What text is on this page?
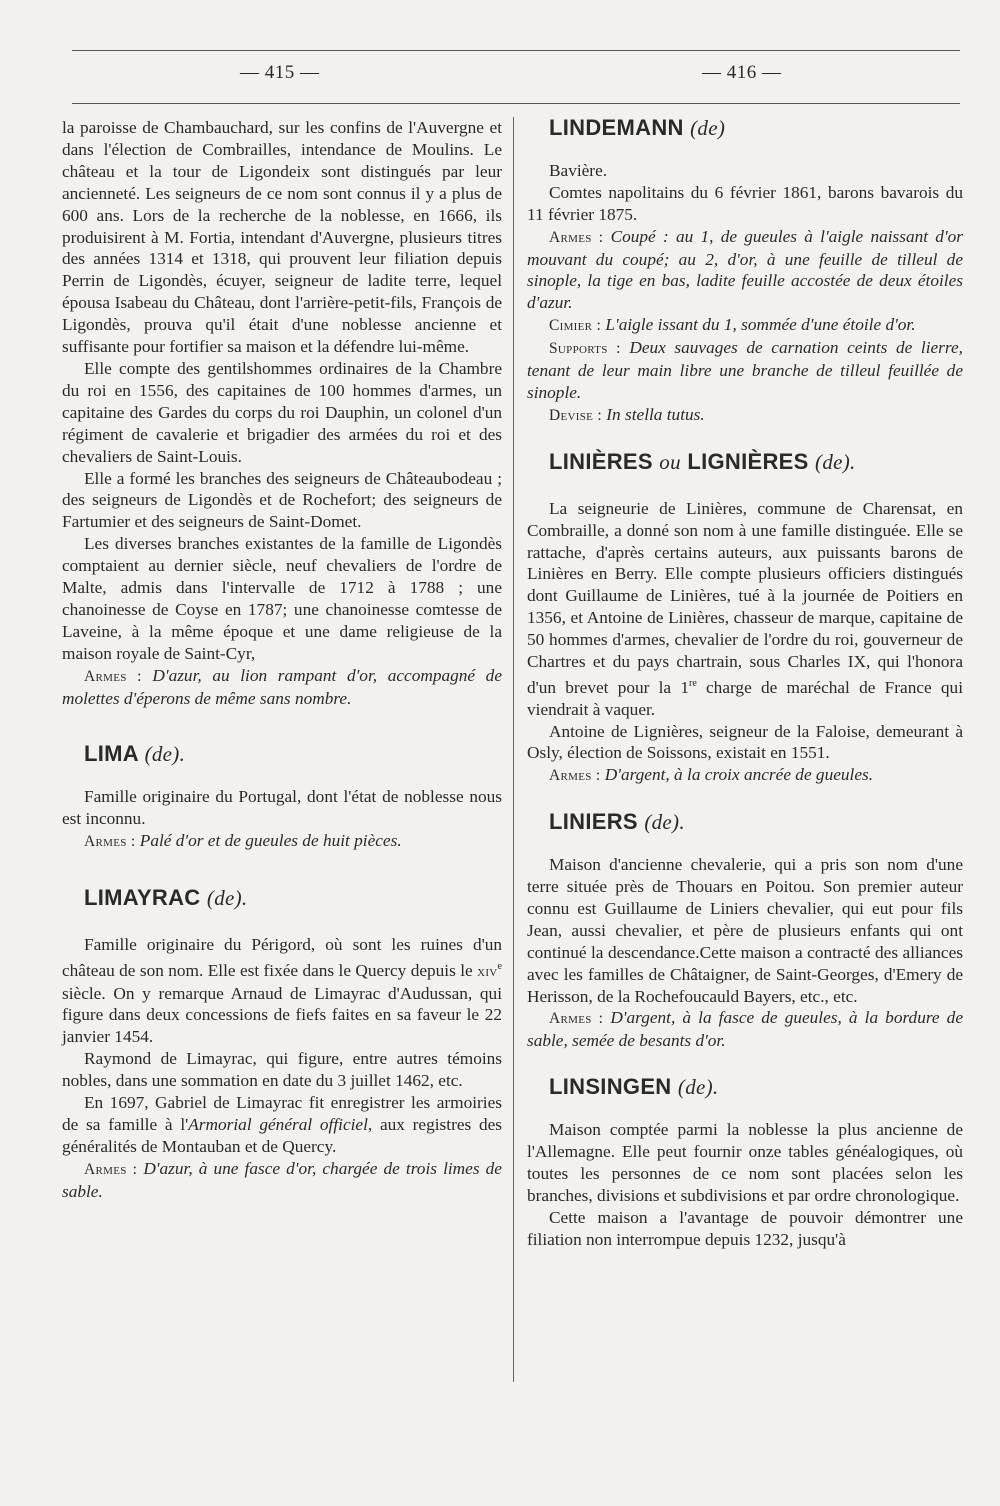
— 415 —	— 416 —

la paroisse de Chambauchard, sur les confins de l'Auvergne et dans l'élection de Combrailles, intendance de Moulins. Le château et la tour de Ligondeix sont distingués par leur ancienneté. Les seigneurs de ce nom sont connus il y a plus de 600 ans. Lors de la recherche de la noblesse, en 1666, ils produisirent à M. Fortia, intendant d'Auvergne, plusieurs titres des années 1314 et 1318, qui prouvent leur filiation depuis Perrin de Ligondès, écuyer, seigneur de ladite terre, lequel épousa Isabeau du Château, dont l'arrière-petit-fils, François de Ligondès, prouva qu'il était d'une noblesse ancienne et suffisante pour fortifier sa maison et la défendre lui-même.

Elle compte des gentilshommes ordinaires de la Chambre du roi en 1556, des capitaines de 100 hommes d'armes, un capitaine des Gardes du corps du roi Dauphin, un colonel d'un régiment de cavalerie et brigadier des armées du roi et des chevaliers de Saint-Louis.

Elle a formé les branches des seigneurs de Châteaubodeau ; des seigneurs de Ligondès et de Rochefort; des seigneurs de Fartumier et des seigneurs de Saint-Domet.

Les diverses branches existantes de la famille de Ligondès comptaient au dernier siècle, neuf chevaliers de l'ordre de Malte, admis dans l'intervalle de 1712 à 1788 ; une chanoinesse de Coyse en 1787; une chanoinesse comtesse de Laveine, à la même époque et une dame religieuse de la maison royale de Saint-Cyr,

Armes : D'azur, au lion rampant d'or, accompagné de molettes d'éperons de même sans nombre.

LIMA (de).

Famille originaire du Portugal, dont l'état de noblesse nous est inconnu.

Armes : Palé d'or et de gueules de huit pièces.

LIMAYRAC (de).

Famille originaire du Périgord, où sont les ruines d'un château de son nom. Elle est fixée dans le Quercy depuis le xiv$^e$ siècle. On y remarque Arnaud de Limayrac d'Audussan, qui figure dans deux concessions de fiefs faites en sa faveur le 22 janvier 1454.

Raymond de Limayrac, qui figure, entre autres témoins nobles, dans une sommation en date du 3 juillet 1462, etc.

En 1697, Gabriel de Limayrac fit enregistrer les armoiries de sa famille à l'Armorial général officiel, aux registres des généralités de Montauban et de Quercy.

Armes : D'azur, à une fasce d'or, chargée de trois limes de sable.

LINDEMANN (de)

Bavière.

Comtes napolitains du 6 février 1861, barons bavarois du 11 février 1875.

Armes : Coupé : au 1, de gueules à l'aigle naissant d'or mouvant du coupé; au 2, d'or, à une feuille de tilleul de sinople, la tige en bas, ladite feuille accostée de deux étoiles d'azur.

Cimier : L'aigle issant du 1, sommée d'une étoile d'or.

Supports : Deux sauvages de carnation ceints de lierre, tenant de leur main libre une branche de tilleul feuillée de sinople.

Devise : In stella tutus.

LINIÈRES ou LIGNIÈRES (de).

La seigneurie de Linières, commune de Charensat, en Combraille, a donné son nom à une famille distinguée. Elle se rattache, d'après certains auteurs, aux puissants barons de Linières en Berry. Elle compte plusieurs officiers distingués dont Guillaume de Linières, tué à la journée de Poitiers en 1356, et Antoine de Linières, chasseur de marque, capitaine de 50 hommes d'armes, chevalier de l'ordre du roi, gouverneur de Chartres et du pays chartrain, sous Charles IX, qui l'honora d'un brevet pour la 1re charge de maréchal de France qui viendrait à vaquer.

Antoine de Lignières, seigneur de la Faloise, demeurant à Osly, élection de Soissons, existait en 1551.

Armes : D'argent, à la croix ancrée de gueules.

LINIERS (de).

Maison d'ancienne chevalerie, qui a pris son nom d'une terre située près de Thouars en Poitou. Son premier auteur connu est Guillaume de Liniers chevalier, qui eut pour fils Jean, aussi chevalier, et père de plusieurs enfants qui ont continué la descendance.Cette maison a contracté des alliances avec les familles de Châtaigner, de Saint-Georges, d'Emery de Herisson, de la Rochefoucauld Bayers, etc., etc.

Armes : D'argent, à la fasce de gueules, à la bordure de sable, semée de besants d'or.

LINSINGEN (de).

Maison comptée parmi la noblesse la plus ancienne de l'Allemagne. Elle peut fournir onze tables généalogiques, où toutes les personnes de ce nom sont placées selon les branches, divisions et subdivisions et par ordre chronologique.

Cette maison a l'avantage de pouvoir démontrer une filiation non interrompue depuis 1232, jusqu'à
